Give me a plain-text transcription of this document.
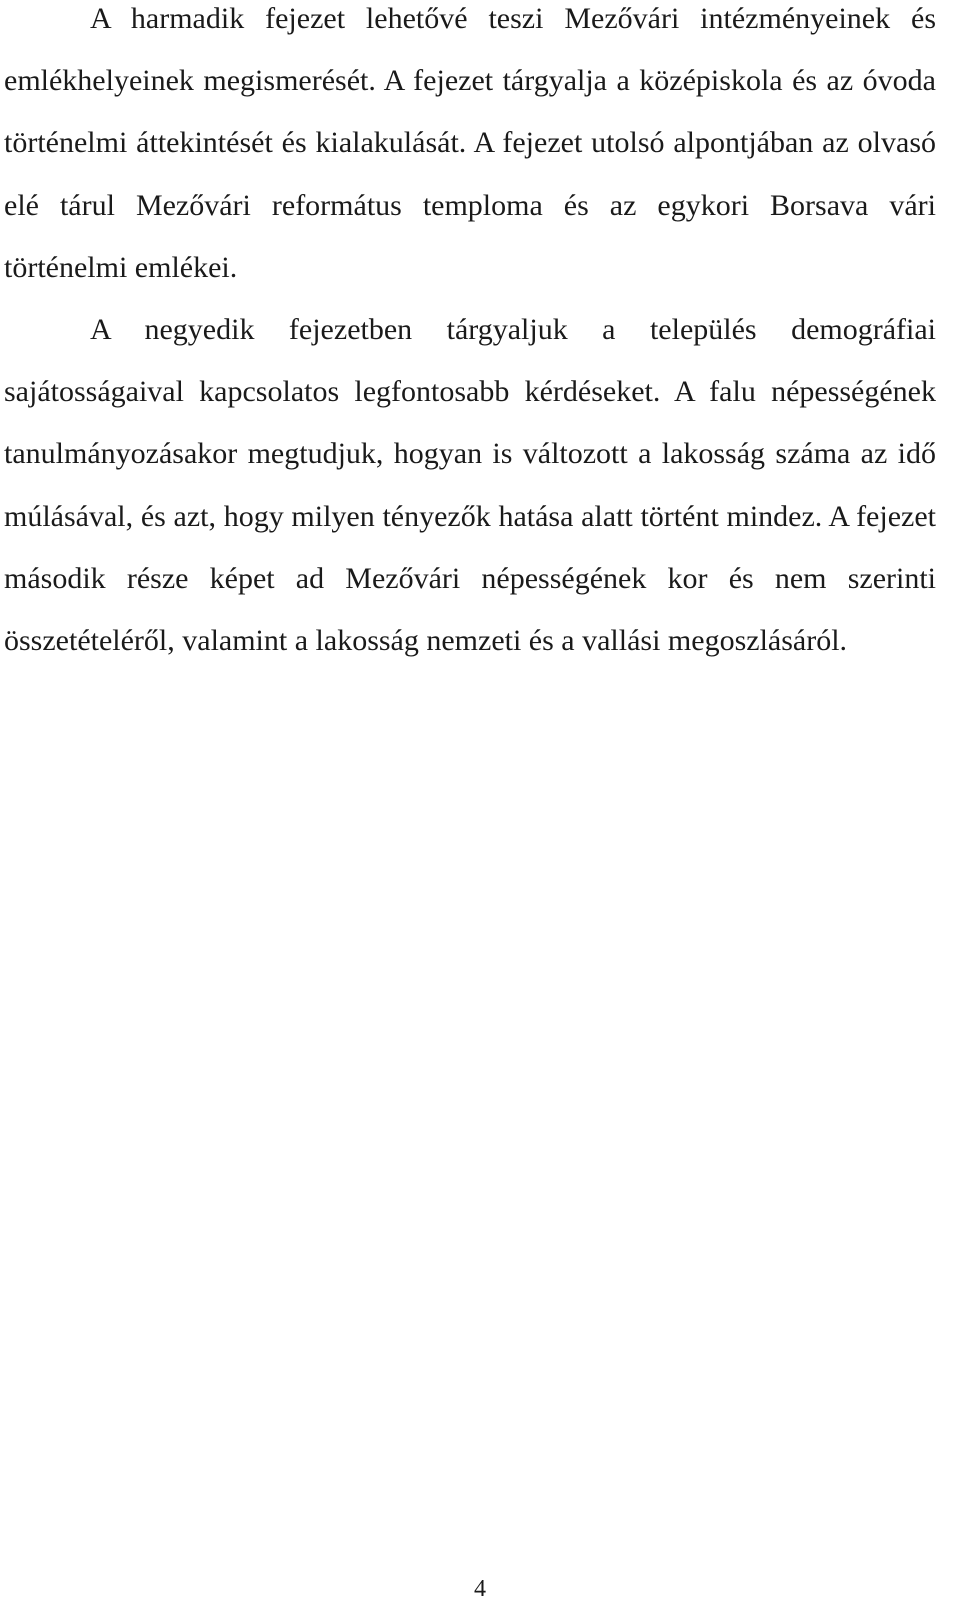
A harmadik fejezet lehetővé teszi Mezővári intézményeinek és emlékhelyeinek megismerését. A fejezet tárgyalja a középiskola és az óvoda történelmi áttekintését és kialakulását. A fejezet utolsó alpontjában az olvasó elé tárul Mezővári református temploma és az egykori Borsava vári történelmi emlékei.

A negyedik fejezetben tárgyaljuk a település demográfiai sajátosságaival kapcsolatos legfontosabb kérdéseket. A falu népességének tanulmányozásakor megtudjuk, hogyan is változott a lakosság száma az idő múlásával, és azt, hogy milyen tényezők hatása alatt történt mindez. A fejezet második része képet ad Mezővári népességének kor és nem szerinti összetételéről, valamint a lakosság nemzeti és a vallási megoszlásáról.

4
